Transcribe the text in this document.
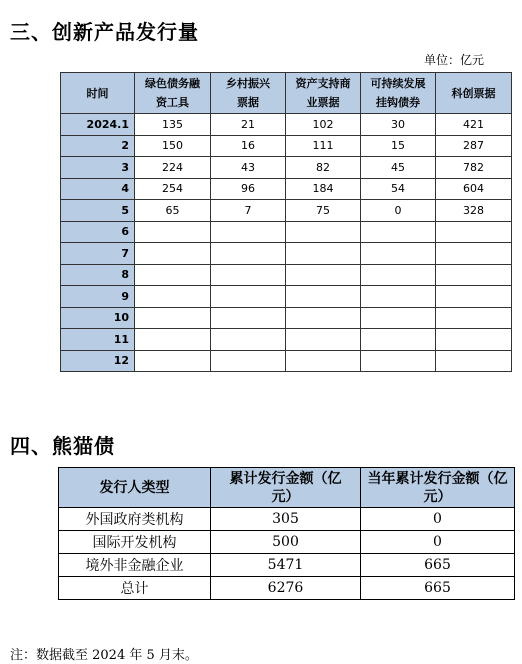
三、创新产品发行量
单位：亿元
时间	绿色债务融资工具	乡村振兴票据	资产支持商业票据	可持续发展挂钩债券	科创票据
2024.1	135	21	102	30	421
2	150	16	111	15	287
3	224	43	82	45	782
4	254	96	184	54	604
5	65	7	75	0	328
6					
7					
8					
9					
10					
11					
12					
四、熊猫债
发行人类型	累计发行金额（亿元）	当年累计发行金额（亿元）
外国政府类机构	305	0
国际开发机构	500	0
境外非金融企业	5471	665
总计	6276	665
注：数据截至 2024 年 5 月末。
